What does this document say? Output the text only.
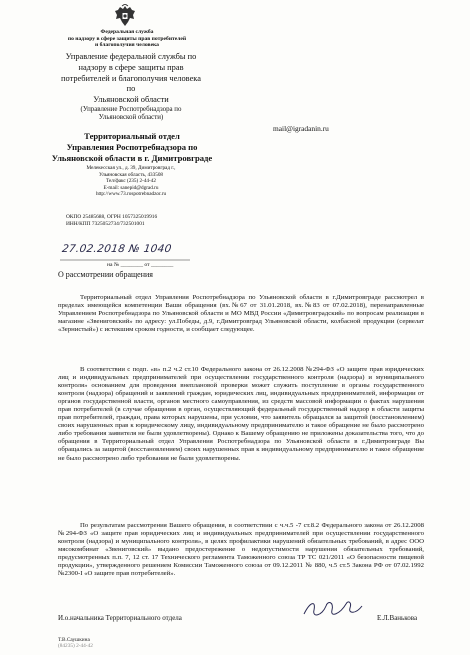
Федеральная служба
по надзору в сфере защиты прав потребителей
и благополучия человека
Управление федеральной службы по
надзору в сфере защиты прав
потребителей и благополучия человека по
Ульяновской области
(Управление Роспотребнадзора по
Ульяновской области)
Территориальный отдел
Управления Роспотребнадзора по
Ульяновской области в г. Димитровграде
Мелекесская ул., д. 39, Димитровград г.,
Ульяновская область, 433508
Тел/факс (235) 2-44-42
E-mail: sanepid@dgrad.ru
http://www.73.rospotrebnadzor.ru
ОКПО 25485688, ОГРН 1057325019916
ИНН/КПП 7325052734/732501001
mail@igradanin.ru
27.02.2018 № 1040
на № ________ от ________
О рассмотрении обращения
Территориальный отдел Управления Роспотребнадзора по Ульяновской области в г.Димитровграде рассмотрел в пределах имеющейся компетенции Ваши обращения (вх.№67 от 31.01.2018, вх.№83 от 07.02.2018), перенаправленные Управлением Роспотребнадзора по Ульяновской области и МО МВД России «Димитровградский» по вопросам реализации в магазине «Звениговский» по адресу: ул.Победы, д.9, г.Димитровград Ульяновской области, колбасной продукции (сервелат «Зернистый») с истекшим сроком годности, и сообщает следующее.
В соответствии с подп. «в» п.2 ч.2 ст.10 Федерального закона от 26.12.2008 №294-ФЗ «О защите прав юридических лиц и индивидуальных предпринимателей при осуществлении государственного контроля (надзора) и муниципального контроля» основанием для проведения внеплановой проверки может служить поступление в органы государственного контроля (надзора) обращений и заявлений граждан, юридических лиц, индивидуальных предпринимателей, информации от органов государственной власти, органов местного самоуправления, из средств массовой информации о фактах нарушения прав потребителей (в случае обращения в орган, осуществляющий федеральный государственный надзор в области защиты прав потребителей, граждан, права которых нарушены, при условии, что заявитель обращался за защитой (восстановлением) своих нарушенных прав к юридическому лицу, индивидуальному предпринимателю и такое обращение не было рассмотрено либо требования заявителя не были удовлетворены). Однако к Вашему обращению не приложены доказательства того, что до обращения в Территориальный отдел Управления Роспотребнадзора по Ульяновской области в г.Димитровграде Вы обращались за защитой (восстановлением) своих нарушенных прав к индивидуальному предпринимателю и такое обращение не было рассмотрено либо требования не были удовлетворены.
По результатам рассмотрения Вашего обращения, в соответствии с ч.ч.5 -7 ст.8.2 Федерального закона от 26.12.2008 №294-ФЗ «О защите прав юридических лиц и индивидуальных предпринимателей при осуществлении государственного контроля (надзора) и муниципального контроля», в целях профилактики нарушений обязательных требований, в адрес ООО мясокомбинат «Звениговский» выдано предостережение о недопустимости нарушения обязательных требований, предусмотренных п.п. 7, 12 ст. 17 Технического регламента Таможенного союза ТР ТС 021/2011 «О безопасности пищевой продукции», утвержденного решением Комиссии Таможенного союза от 09.12.2011 № 880, ч.5 ст.5 Закона РФ от 07.02.1992 №2300-I «О защите прав потребителей».
И.о.начальника Территориального отдела	Е.Л.Ванькова
Т.В.Саушкина
(84235) 2-44-42
